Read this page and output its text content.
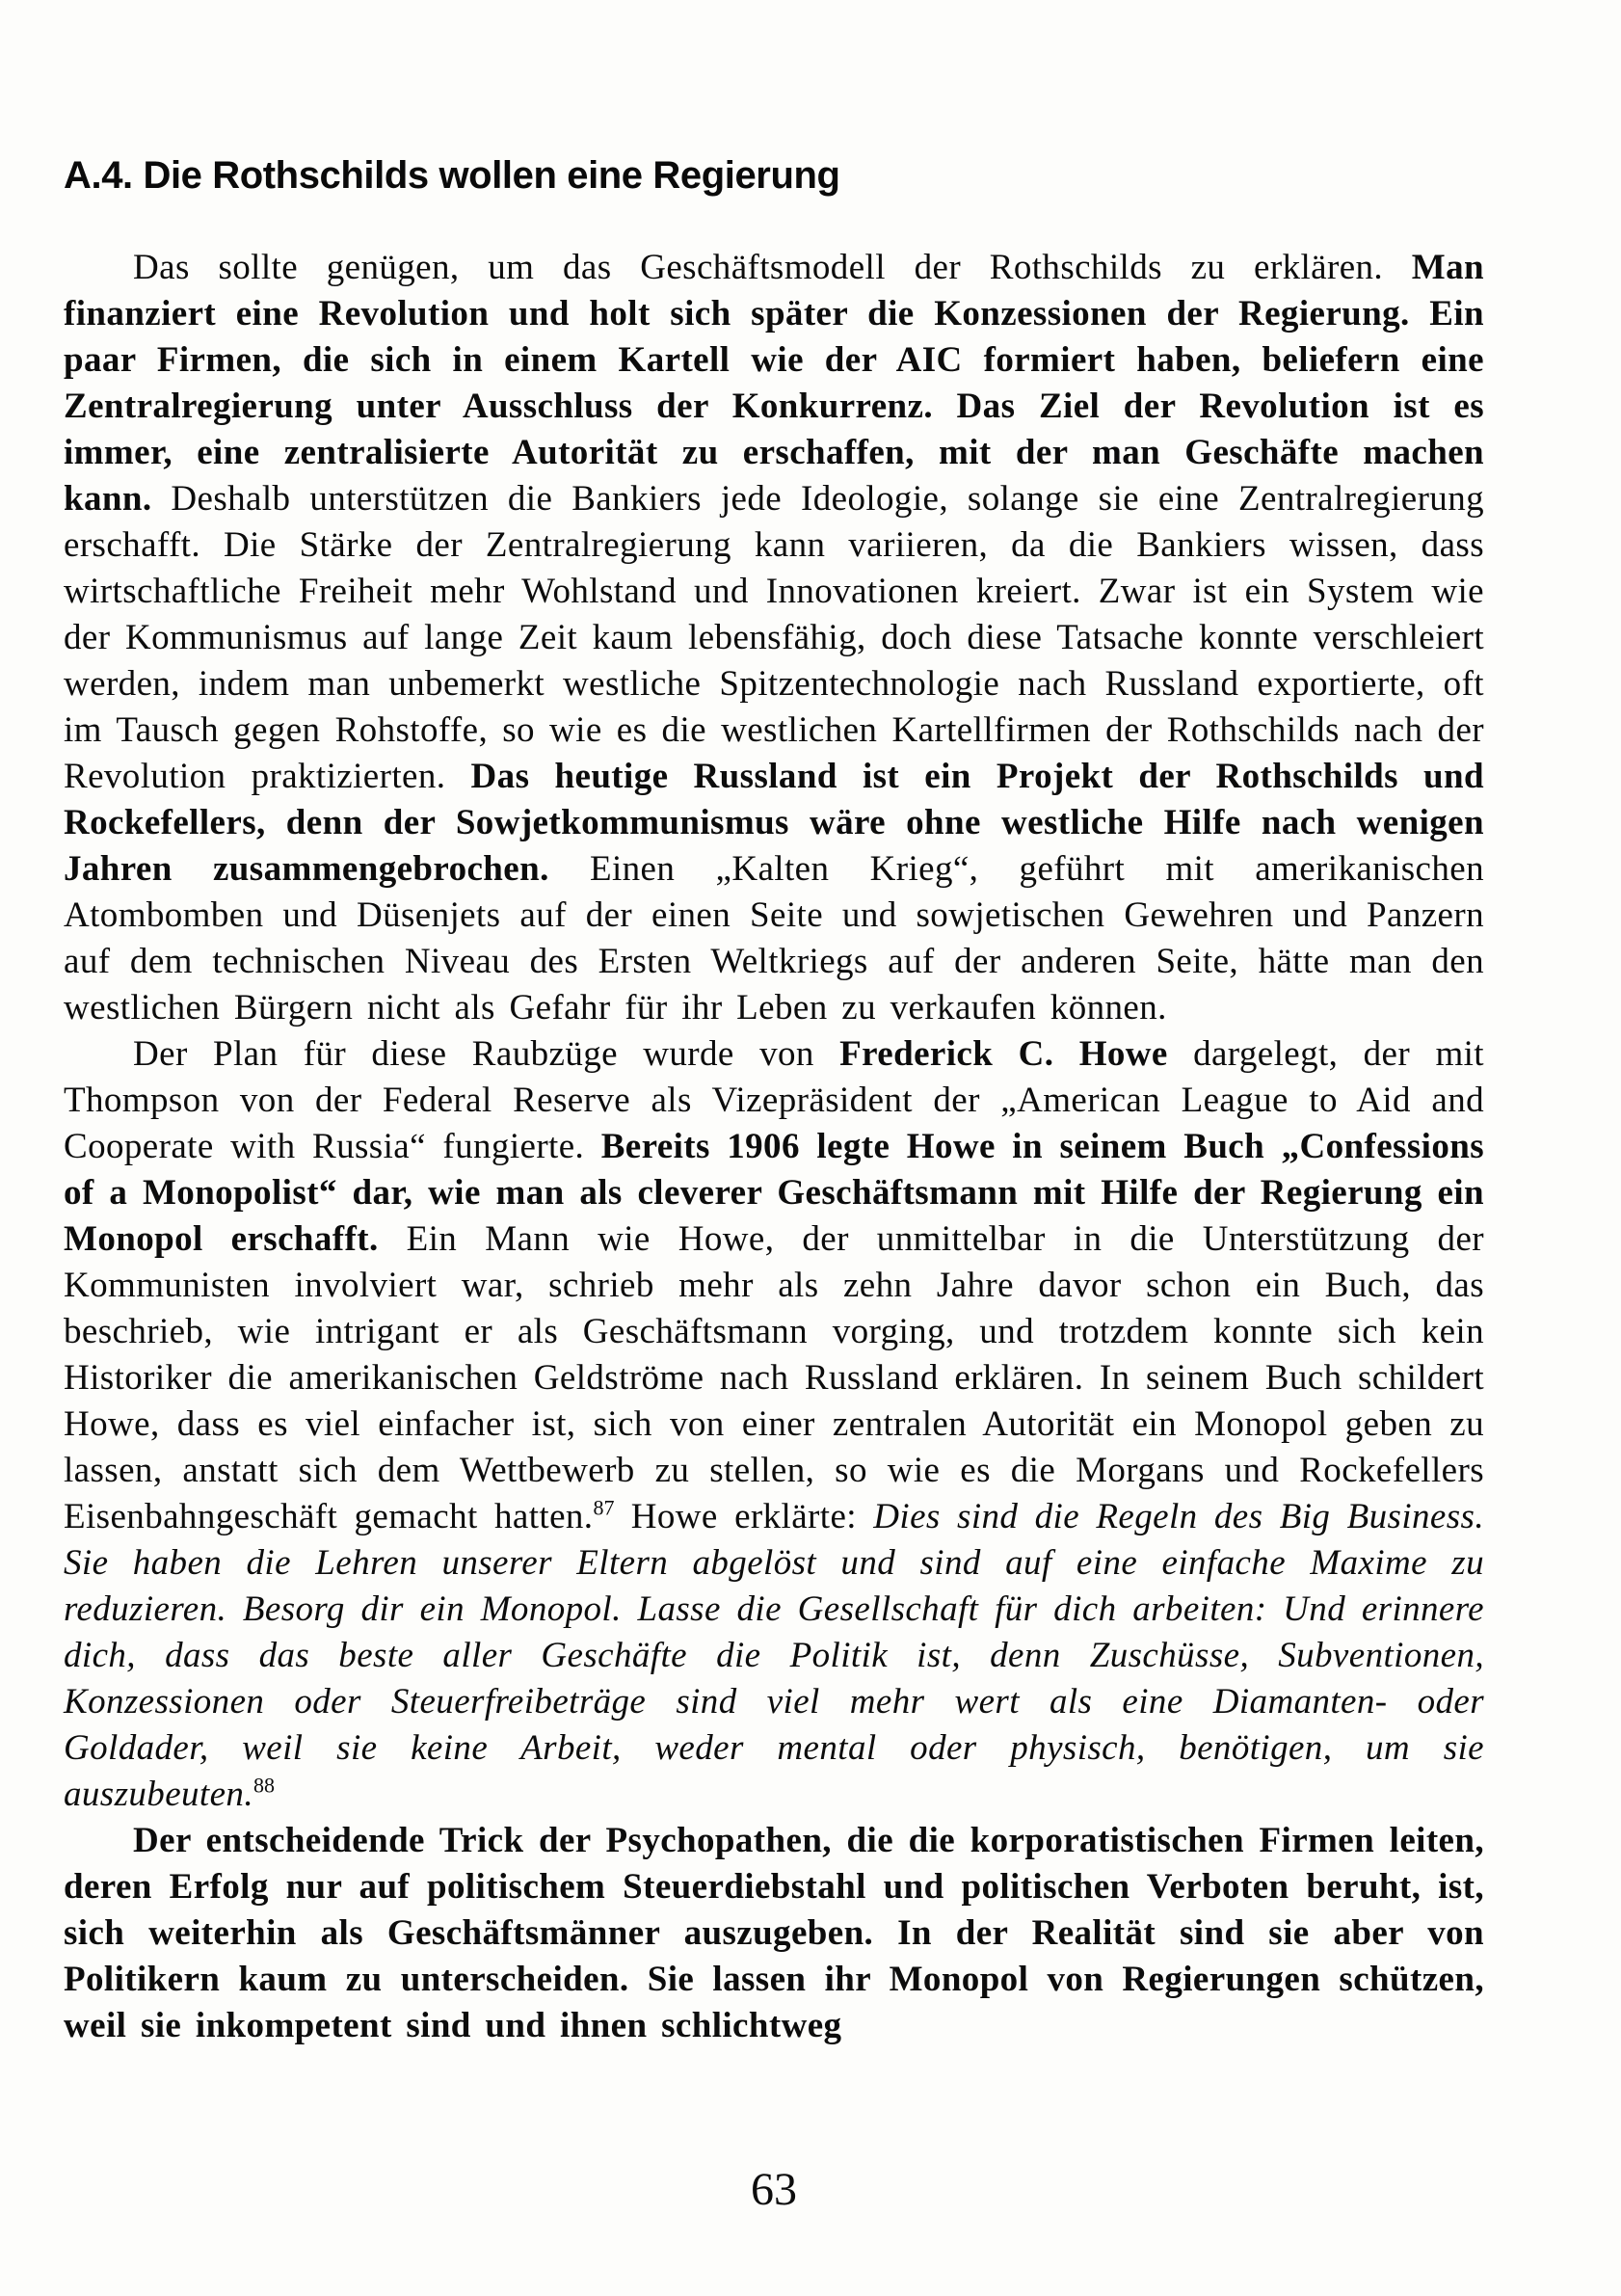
A.4. Die Rothschilds wollen eine Regierung

Das sollte genügen, um das Geschäftsmodell der Rothschilds zu erklären. Man finanziert eine Revolution und holt sich später die Konzessionen der Regierung. Ein paar Firmen, die sich in einem Kartell wie der AIC formiert haben, beliefern eine Zentralregierung unter Ausschluss der Konkurrenz. Das Ziel der Revolution ist es immer, eine zentralisierte Autorität zu erschaffen, mit der man Geschäfte machen kann. Deshalb unterstützen die Bankiers jede Ideologie, solange sie eine Zentralregierung erschafft. Die Stärke der Zentralregierung kann variieren, da die Bankiers wissen, dass wirtschaftliche Freiheit mehr Wohlstand und Innovationen kreiert. Zwar ist ein System wie der Kommunismus auf lange Zeit kaum lebensfähig, doch diese Tatsache konnte verschleiert werden, indem man unbemerkt westliche Spitzentechnologie nach Russland exportierte, oft im Tausch gegen Rohstoffe, so wie es die westlichen Kartellfirmen der Rothschilds nach der Revolution praktizierten. Das heutige Russland ist ein Projekt der Rothschilds und Rockefellers, denn der Sowjetkommunismus wäre ohne westliche Hilfe nach wenigen Jahren zusammengebrochen. Einen „Kalten Krieg“, geführt mit amerikanischen Atombomben und Düsenjets auf der einen Seite und sowjetischen Gewehren und Panzern auf dem technischen Niveau des Ersten Weltkriegs auf der anderen Seite, hätte man den westlichen Bürgern nicht als Gefahr für ihr Leben zu verkaufen können.

Der Plan für diese Raubzüge wurde von Frederick C. Howe dargelegt, der mit Thompson von der Federal Reserve als Vizepräsident der „American League to Aid and Cooperate with Russia“ fungierte. Bereits 1906 legte Howe in seinem Buch „Confessions of a Monopolist“ dar, wie man als cleverer Geschäftsmann mit Hilfe der Regierung ein Monopol erschafft. Ein Mann wie Howe, der unmittelbar in die Unterstützung der Kommunisten involviert war, schrieb mehr als zehn Jahre davor schon ein Buch, das beschrieb, wie intrigant er als Geschäftsmann vorging, und trotzdem konnte sich kein Historiker die amerikanischen Geldströme nach Russland erklären. In seinem Buch schildert Howe, dass es viel einfacher ist, sich von einer zentralen Autorität ein Monopol geben zu lassen, anstatt sich dem Wettbewerb zu stellen, so wie es die Morgans und Rockefellers Eisenbahngeschäft gemacht hatten.$^{87}$ Howe erklärte: Dies sind die Regeln des Big Business. Sie haben die Lehren unserer Eltern abgelöst und sind auf eine einfache Maxime zu reduzieren. Besorg dir ein Monopol. Lasse die Gesellschaft für dich arbeiten: Und erinnere dich, dass das beste aller Geschäfte die Politik ist, denn Zuschüsse, Subventionen, Konzessionen oder Steuerfreibeträge sind viel mehr wert als eine Diamanten- oder Goldader, weil sie keine Arbeit, weder mental oder physisch, benötigen, um sie auszubeuten.$^{88}$

Der entscheidende Trick der Psychopathen, die die korporatistischen Firmen leiten, deren Erfolg nur auf politischem Steuerdiebstahl und politischen Verboten beruht, ist, sich weiterhin als Geschäftsmänner auszugeben. In der Realität sind sie aber von Politikern kaum zu unterscheiden. Sie lassen ihr Monopol von Regierungen schützen, weil sie inkompetent sind und ihnen schlichtweg

63
